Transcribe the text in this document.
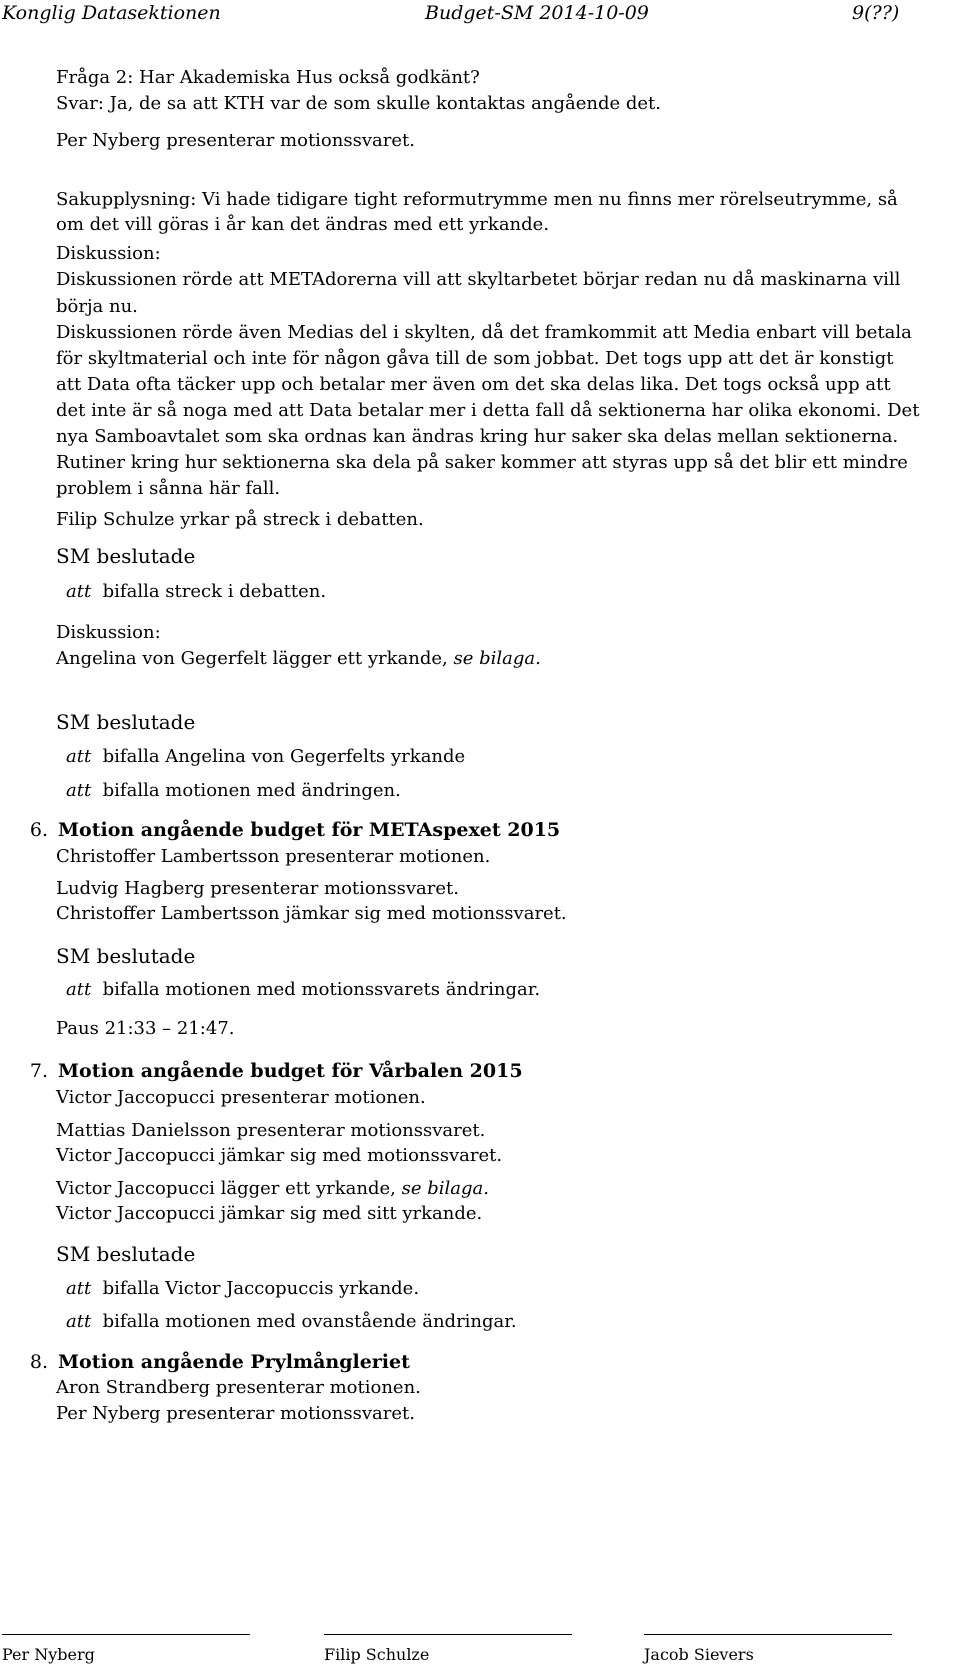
Konglig Datasektionen	Budget-SM 2014-10-09	9(??)
Fråga 2: Har Akademiska Hus också godkänt?
Svar: Ja, de sa att KTH var de som skulle kontaktas angående det.
Per Nyberg presenterar motionssvaret.
Sakupplysning: Vi hade tidigare tight reformutrymme men nu finns mer rörelseutrymme, så
om det vill göras i år kan det ändras med ett yrkande.
Diskussion:
Diskussionen rörde att METAdorerna vill att skyltarbetet börjar redan nu då maskinarna vill
börja nu.
Diskussionen rörde även Medias del i skylten, då det framkommit att Media enbart vill betala
för skyltmaterial och inte för någon gåva till de som jobbat. Det togs upp att det är konstigt
att Data ofta täcker upp och betalar mer även om det ska delas lika. Det togs också upp att
det inte är så noga med att Data betalar mer i detta fall då sektionerna har olika ekonomi. Det
nya Samboavtalet som ska ordnas kan ändras kring hur saker ska delas mellan sektionerna.
Rutiner kring hur sektionerna ska dela på saker kommer att styras upp så det blir ett mindre
problem i sånna här fall.
Filip Schulze yrkar på streck i debatten.
SM beslutade
att bifalla streck i debatten.
Diskussion:
Angelina von Gegerfelt lägger ett yrkande, se bilaga.
SM beslutade
att bifalla Angelina von Gegerfelts yrkande
att bifalla motionen med ändringen.
6. Motion angående budget för METAspexet 2015
Christoffer Lambertsson presenterar motionen.
Ludvig Hagberg presenterar motionssvaret.
Christoffer Lambertsson jämkar sig med motionssvaret.
SM beslutade
att bifalla motionen med motionssvarets ändringar.
Paus 21:33 – 21:47.
7. Motion angående budget för Vårbalen 2015
Victor Jaccopucci presenterar motionen.
Mattias Danielsson presenterar motionssvaret.
Victor Jaccopucci jämkar sig med motionssvaret.
Victor Jaccopucci lägger ett yrkande, se bilaga.
Victor Jaccopucci jämkar sig med sitt yrkande.
SM beslutade
att bifalla Victor Jaccopuccis yrkande.
att bifalla motionen med ovanstående ändringar.
8. Motion angående Prylmångleriet
Aron Strandberg presenterar motionen.
Per Nyberg presenterar motionssvaret.
Per Nyberg	Filip Schulze	Jacob Sievers
